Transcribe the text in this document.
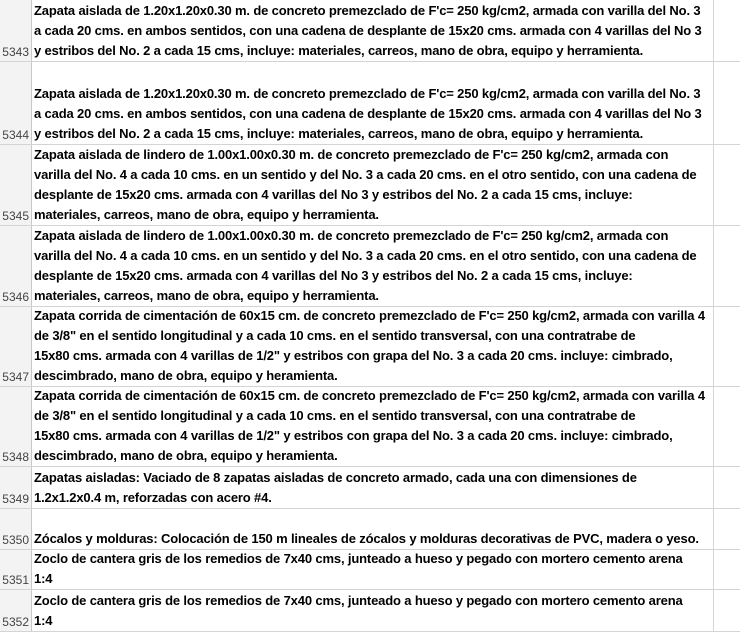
5343
Zapata aislada de 1.20x1.20x0.30 m. de concreto premezclado de F'c= 250 kg/cm2, armada con varilla del No. 3
a cada 20 cms. en ambos sentidos, con una cadena de desplante de 15x20 cms. armada con 4 varillas del No 3
y estribos del No. 2 a cada 15 cms, incluye: materiales, carreos, mano de obra, equipo y herramienta.
5344
Zapata aislada de 1.20x1.20x0.30 m. de concreto premezclado de F'c= 250 kg/cm2, armada con varilla del No. 3
a cada 20 cms. en ambos sentidos, con una cadena de desplante de 15x20 cms. armada con 4 varillas del No 3
y estribos del No. 2 a cada 15 cms, incluye: materiales, carreos, mano de obra, equipo y herramienta.
5345
Zapata aislada de lindero de 1.00x1.00x0.30 m. de concreto premezclado de F'c= 250 kg/cm2, armada con
varilla del No. 4 a cada 10 cms. en un sentido y del No. 3 a cada 20 cms. en el otro sentido, con una cadena de
desplante de 15x20 cms. armada con 4 varillas del No 3 y estribos del No. 2 a cada 15 cms, incluye:
materiales, carreos, mano de obra, equipo y herramienta.
5346
Zapata aislada de lindero de 1.00x1.00x0.30 m. de concreto premezclado de F'c= 250 kg/cm2, armada con
varilla del No. 4 a cada 10 cms. en un sentido y del No. 3 a cada 20 cms. en el otro sentido, con una cadena de
desplante de 15x20 cms. armada con 4 varillas del No 3 y estribos del No. 2 a cada 15 cms, incluye:
materiales, carreos, mano de obra, equipo y herramienta.
5347
Zapata corrida de cimentación de 60x15 cm. de concreto premezclado de F'c= 250 kg/cm2, armada con varilla 4
de 3/8" en el sentido longitudinal y a cada 10 cms. en el sentido transversal, con una contratrabe de
15x80 cms. armada con 4 varillas de 1/2" y estribos con grapa del No. 3 a cada 20 cms. incluye: cimbrado,
descimbrado, mano de obra, equipo y heramienta.
5348
Zapata corrida de cimentación de 60x15 cm. de concreto premezclado de F'c= 250 kg/cm2, armada con varilla 4
de 3/8" en el sentido longitudinal y a cada 10 cms. en el sentido transversal, con una contratrabe de
15x80 cms. armada con 4 varillas de 1/2" y estribos con grapa del No. 3 a cada 20 cms. incluye: cimbrado,
descimbrado, mano de obra, equipo y heramienta.
5349
Zapatas aisladas: Vaciado de 8 zapatas aisladas de concreto armado, cada una con dimensiones de
1.2x1.2x0.4 m, reforzadas con acero #4.
5350 Zócalos y molduras: Colocación de 150 m lineales de zócalos y molduras decorativas de PVC, madera o yeso.
5351
Zoclo de cantera gris de los remedios de 7x40 cms, junteado a hueso y pegado con mortero cemento arena
1:4
5352
Zoclo de cantera gris de los remedios de 7x40 cms, junteado a hueso y pegado con mortero cemento arena
1:4
